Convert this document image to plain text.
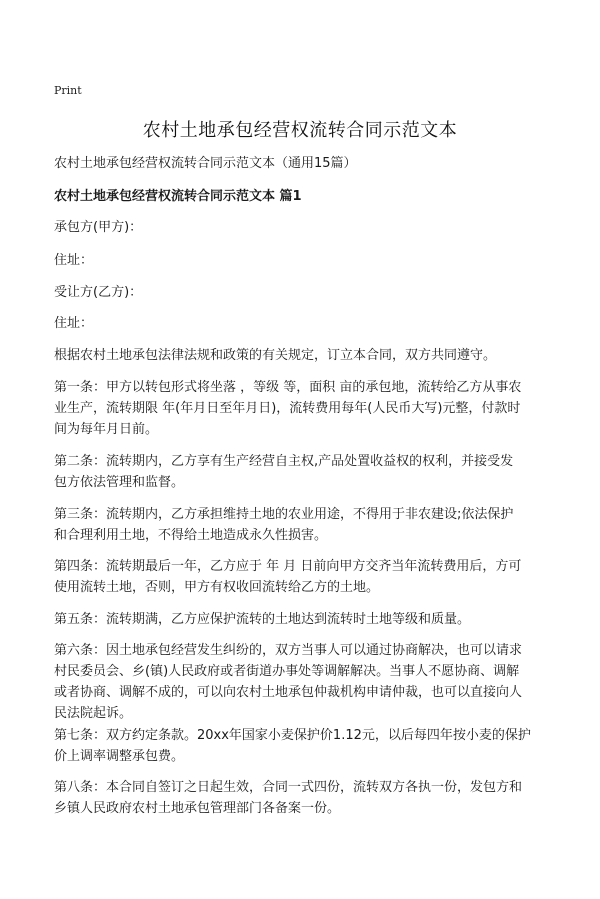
Print
农村土地承包经营权流转合同示范文本
农村土地承包经营权流转合同示范文本（通用15篇）
农村土地承包经营权流转合同示范文本 篇1
承包方(甲方)：
住址：
受让方(乙方)：
住址：
根据农村土地承包法律法规和政策的有关规定，订立本合同，双方共同遵守。
第一条：甲方以转包形式将坐落 ，等级 等，面积 亩的承包地，流转给乙方从事农
业生产，流转期限 年(年月日至年月日)，流转费用每年(人民币大写)元整，付款时
间为每年月日前。
第二条：流转期内，乙方享有生产经营自主权,产品处置收益权的权利，并接受发
包方依法管理和监督。
第三条：流转期内，乙方承担维持土地的农业用途，不得用于非农建设;依法保护
和合理利用土地，不得给土地造成永久性损害。
第四条：流转期最后一年，乙方应于 年 月 日前向甲方交齐当年流转费用后，方可
使用流转土地，否则，甲方有权收回流转给乙方的土地。
第五条：流转期满，乙方应保护流转的土地达到流转时土地等级和质量。
第六条：因土地承包经营发生纠纷的，双方当事人可以通过协商解决，也可以请求
村民委员会、乡(镇)人民政府或者街道办事处等调解解决。当事人不愿协商、调解
或者协商、调解不成的，可以向农村土地承包仲裁机构申请仲裁，也可以直接向人
民法院起诉。
第七条：双方约定条款。20xx年国家小麦保护价1.12元，以后每四年按小麦的保护
价上调率调整承包费。
第八条：本合同自签订之日起生效，合同一式四份，流转双方各执一份，发包方和
乡镇人民政府农村土地承包管理部门各备案一份。
